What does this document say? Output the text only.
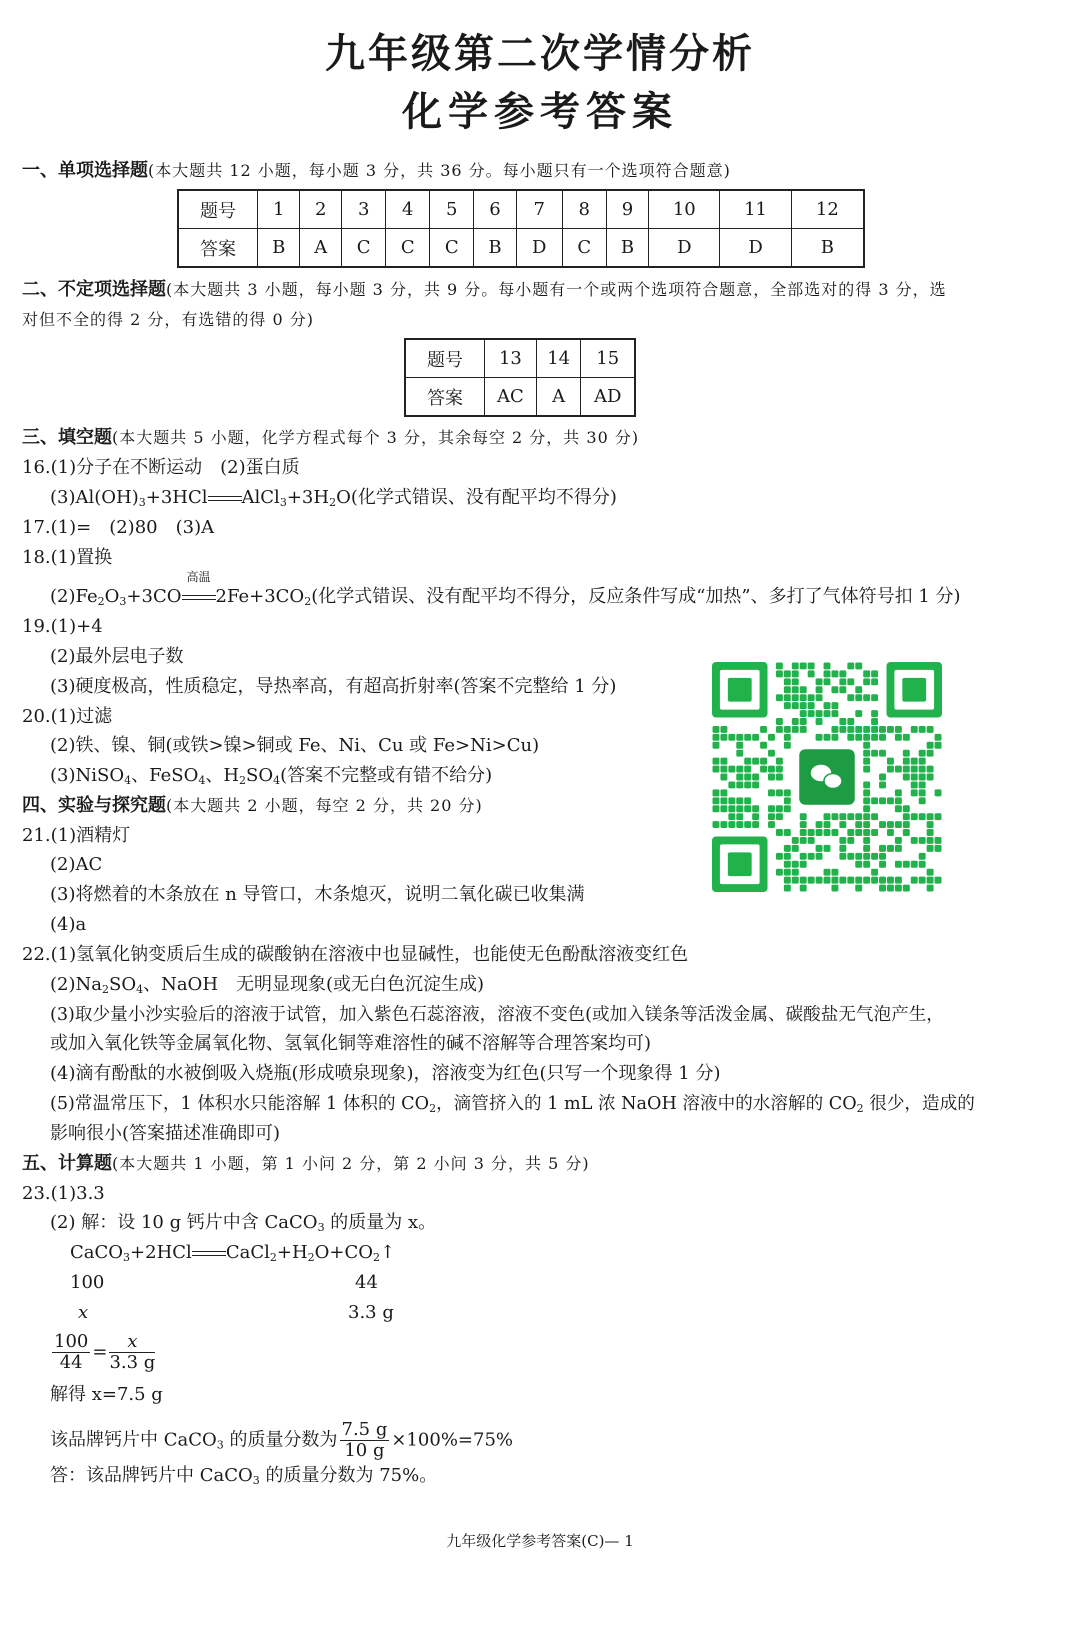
九年级第二次学情分析
化学参考答案
一、单项选择题(本大题共 12 小题，每小题 3 分，共 36 分。每小题只有一个选项符合题意)
题号	1	2	3	4	5	6	7	8	9	10	11	12
答案	B	A	C	C	C	B	D	C	B	D	D	B
二、不定项选择题(本大题共 3 小题，每小题 3 分，共 9 分。每小题有一个或两个选项符合题意，全部选对的得 3 分，选
对但不全的得 2 分，有选错的得 0 分)
题号	13	14	15
答案	AC	A	AD
三、填空题(本大题共 5 小题，化学方程式每个 3 分，其余每空 2 分，共 30 分)
16.(1)分子在不断运动　(2)蛋白质
$(3)Al(OH)_3+3HCl$ $AlCl_3+3H_2O$(化学式错误、没有配平均不得分)
17.(1)=　(2)80　(3)A
18.(1)置换
$(2)Fe_2O_3+3CO$
高温
$2Fe+3CO_2$(化学式错误、没有配平均不得分，反应条件写成“加热”、多打了气体符号扣 1 分)
19.(1)+4
(2)最外层电子数
(3)硬度极高，性质稳定，导热率高，有超高折射率(答案不完整给 1 分)
20.(1)过滤
(2)铁、镍、铜(或铁>镍>铜或 Fe、Ni、Cu 或 Fe>Ni>Cu)
(3)NiSO$_4$、FeSO$_4$、$H_2SO_4$(答案不完整或有错不给分)
四、实验与探究题(本大题共 2 小题，每空 2 分，共 20 分)
21.(1)酒精灯
(2)AC
(3)将燃着的木条放在 n 导管口，木条熄灭，说明二氧化碳已收集满
(4)a
22.(1)氢氧化钠变质后生成的碳酸钠在溶液中也显碱性，也能使无色酚酞溶液变红色
$(2)Na_2SO_4$、NaOH　无明显现象(或无白色沉淀生成)
(3)取少量小沙实验后的溶液于试管，加入紫色石蕊溶液，溶液不变色(或加入镁条等活泼金属、碳酸盐无气泡产生，
或加入氧化铁等金属氧化物、氢氧化铜等难溶性的碱不溶解等合理答案均可)
(4)滴有酚酞的水被倒吸入烧瓶(形成喷泉现象)，溶液变为红色(只写一个现象得 1 分)
(5)常温常压下，1 体积水只能溶解 1 体积的 $CO_2$，滴管挤入的 1 mL 浓 NaOH 溶液中的水溶解的 $CO_2$ 很少，造成的
影响很小(答案描述准确即可)
五、计算题(本大题共 1 小题，第 1 小问 2 分，第 2 小问 3 分，共 5 分)
23.(1)3.3
(2) 解：设 10 g 钙片中含 CaCO$_3$ 的质量为 x。
CaCO$_3$+2HCl $CaCl_2+H_2O+CO_2↑$
100	44
x	3.3 g
$\frac{100}{44} = \frac{x}{3.3 g}$
解得 x=7.5 g
该品牌钙片中 CaCO$_3$ 的质量分数为 $\frac{7.5 g}{10 g} \times 100\%=75\%$
答：该品牌钙片中 CaCO$_3$ 的质量分数为 75%。
九年级化学参考答案(C)— 1
